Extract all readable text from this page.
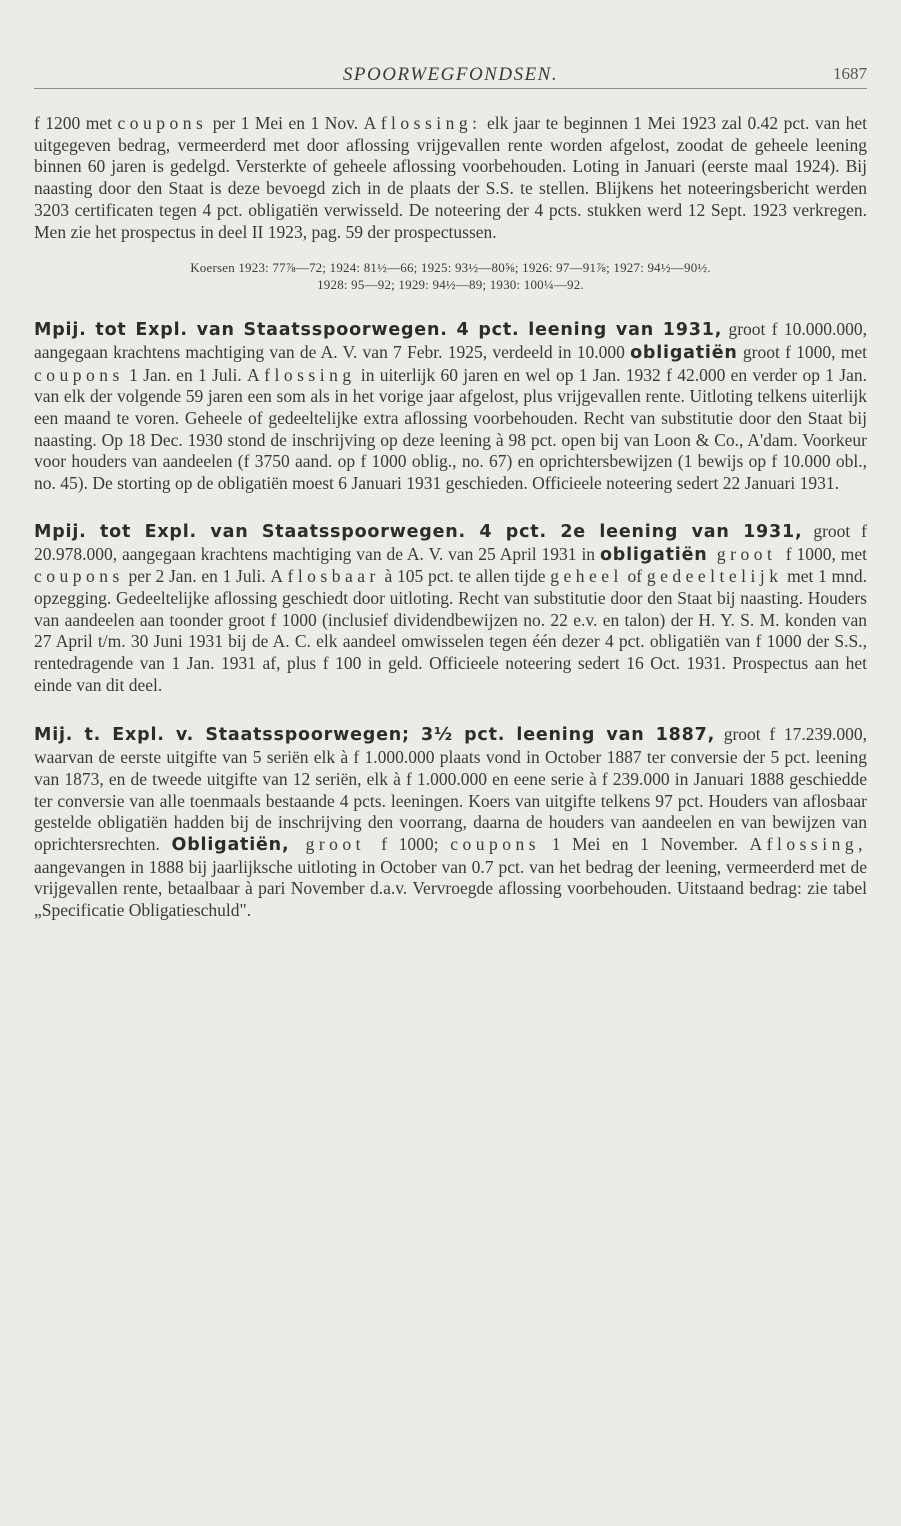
SPOORWEGFONDSEN.	1687

f 1200 met coupons per 1 Mei en 1 Nov. Aflossing: elk jaar te beginnen 1 Mei 1923 zal 0.42 pct. van het uitgegeven bedrag, vermeerderd met door aflossing vrijgevallen rente worden afgelost, zoodat de geheele leening binnen 60 jaren is gedelgd. Versterkte of geheele aflossing voorbehouden. Loting in Januari (eerste maal 1924). Bij naasting door den Staat is deze bevoegd zich in de plaats der S.S. te stellen. Blijkens het noteeringsbericht werden 3203 certificaten tegen 4 pct. obligatiën verwisseld. De noteering der 4 pcts. stukken werd 12 Sept. 1923 verkregen. Men zie het prospectus in deel II 1923, pag. 59 der prospectussen.

Koersen 1923: 77⅞—72; 1924: 81½—66; 1925: 93½—80⅝; 1926: 97—91⅞; 1927: 94½—90½.
1928: 95—92; 1929: 94½—89; 1930: 100¼—92.

Mpij. tot Expl. van Staatsspoorwegen. 4 pct. leening van 1931, groot f 10.000.000, aangegaan krachtens machtiging van de A. V. van 7 Febr. 1925, verdeeld in 10.000 obligatiën groot f 1000, met coupons 1 Jan. en 1 Juli. Aflossing in uiterlijk 60 jaren en wel op 1 Jan. 1932 f 42.000 en verder op 1 Jan. van elk der volgende 59 jaren een som als in het vorige jaar afgelost, plus vrijgevallen rente. Uitloting telkens uiterlijk een maand te voren. Geheele of gedeeltelijke extra aflossing voorbehouden. Recht van substitutie door den Staat bij naasting. Op 18 Dec. 1930 stond de inschrijving op deze leening à 98 pct. open bij van Loon & Co., A'dam. Voorkeur voor houders van aandeelen (f 3750 aand. op f 1000 oblig., no. 67) en oprichtersbewijzen (1 bewijs op f 10.000 obl., no. 45). De storting op de obligatiën moest 6 Januari 1931 geschieden. Officieele noteering sedert 22 Januari 1931.

Mpij. tot Expl. van Staatsspoorwegen. 4 pct. 2e leening van 1931, groot f 20.978.000, aangegaan krachtens machtiging van de A. V. van 25 April 1931 in obligatiën groot f 1000, met coupons per 2 Jan. en 1 Juli. Aflosbaar à 105 pct. te allen tijde geheel of gedeeltelijk met 1 mnd. opzegging. Gedeeltelijke aflossing geschiedt door uitloting. Recht van substitutie door den Staat bij naasting. Houders van aandeelen aan toonder groot f 1000 (inclusief dividendbewijzen no. 22 e.v. en talon) der H. Y. S. M. konden van 27 April t/m. 30 Juni 1931 bij de A. C. elk aandeel omwisselen tegen één dezer 4 pct. obligatiën van f 1000 der S.S., rentedragende van 1 Jan. 1931 af, plus f 100 in geld. Officieele noteering sedert 16 Oct. 1931. Prospectus aan het einde van dit deel.

Mij. t. Expl. v. Staatsspoorwegen; 3½ pct. leening van 1887, groot f 17.239.000, waarvan de eerste uitgifte van 5 seriën elk à f 1.000.000 plaats vond in October 1887 ter conversie der 5 pct. leening van 1873, en de tweede uitgifte van 12 seriën, elk à f 1.000.000 en eene serie à f 239.000 in Januari 1888 geschiedde ter conversie van alle toenmaals bestaande 4 pcts. leeningen. Koers van uitgifte telkens 97 pct. Houders van aflosbaar gestelde obligatiën hadden bij de inschrijving den voorrang, daarna de houders van aandeelen en van bewijzen van oprichtersrechten. Obligatiën, groot f 1000; coupons 1 Mei en 1 November. Aflossing, aangevangen in 1888 bij jaarlijksche uitloting in October van 0.7 pct. van het bedrag der leening, vermeerderd met de vrijgevallen rente, betaalbaar à pari November d.a.v. Vervroegde aflossing voorbehouden. Uitstaand bedrag: zie tabel „Specificatie Obligatieschuld".
